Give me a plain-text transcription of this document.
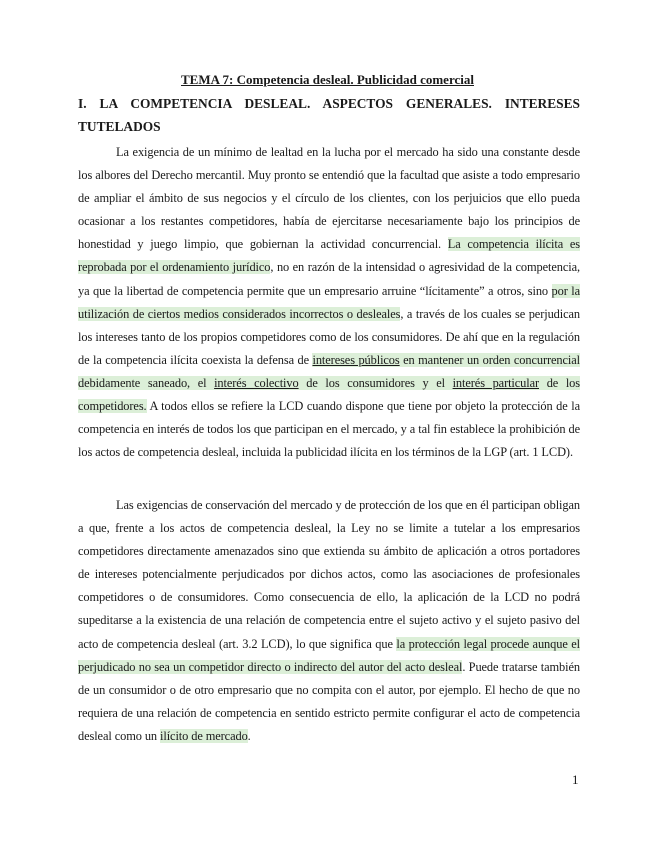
TEMA 7: Competencia desleal. Publicidad comercial
I. LA COMPETENCIA DESLEAL. ASPECTOS GENERALES. INTERESES
TUTELADOS

La exigencia de un mínimo de lealtad en la lucha por el mercado ha sido una constante desde los albores del Derecho mercantil. Muy pronto se entendió que la facultad que asiste a todo empresario de ampliar el ámbito de sus negocios y el círculo de los clientes, con los perjuicios que ello pueda ocasionar a los restantes competidores, había de ejercitarse necesariamente bajo los principios de honestidad y juego limpio, que gobiernan la actividad concurrencial. La competencia ilícita es reprobada por el ordenamiento jurídico, no en razón de la intensidad o agresividad de la competencia, ya que la libertad de competencia permite que un empresario arruine “lícitamente” a otros, sino por la utilización de ciertos medios considerados incorrectos o desleales, a través de los cuales se perjudican los intereses tanto de los propios competidores como de los consumidores. De ahí que en la regulación de la competencia ilícita coexista la defensa de intereses públicos en mantener un orden concurrencial debidamente saneado, el interés colectivo de los consumidores y el interés particular de los competidores. A todos ellos se refiere la LCD cuando dispone que tiene por objeto la protección de la competencia en interés de todos los que participan en el mercado, y a tal fin establece la prohibición de los actos de competencia desleal, incluida la publicidad ilícita en los términos de la LGP (art. 1 LCD).

Las exigencias de conservación del mercado y de protección de los que en él participan obligan a que, frente a los actos de competencia desleal, la Ley no se limite a tutelar a los empresarios competidores directamente amenazados sino que extienda su ámbito de aplicación a otros portadores de intereses potencialmente perjudicados por dichos actos, como las asociaciones de profesionales competidores o de consumidores. Como consecuencia de ello, la aplicación de la LCD no podrá supeditarse a la existencia de una relación de competencia entre el sujeto activo y el sujeto pasivo del acto de competencia desleal (art. 3.2 LCD), lo que significa que la protección legal procede aunque el perjudicado no sea un competidor directo o indirecto del autor del acto desleal. Puede tratarse también de un consumidor o de otro empresario que no compita con el autor, por ejemplo. El hecho de que no requiera de una relación de competencia en sentido estricto permite configurar el acto de competencia desleal como un ilícito de mercado.

1
